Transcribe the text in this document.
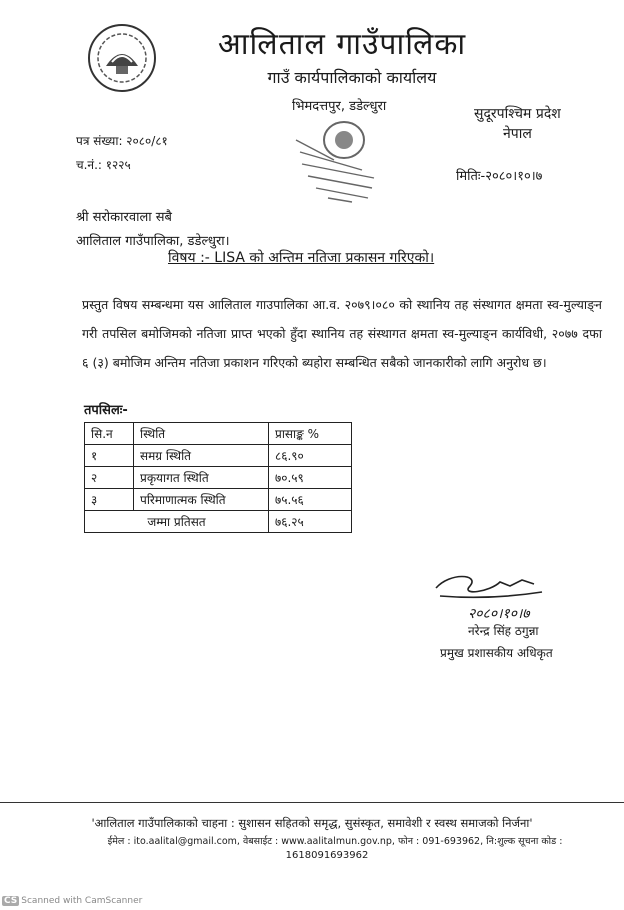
आलिताल गाउँपालिका
गाउँ कार्यपालिकाको कार्यालय
भिमदत्तपुर, डडेल्धुरा	सुदूरपश्चिम प्रदेश
नेपाल
पत्र संख्या: २०८०/८१
च.नं.: १२२५
मितिः-२०८०।१०।७
श्री सरोकारवाला सबै
आलिताल गाउँपालिका, डडेल्धुरा।
विषय :- LISA को अन्तिम नतिजा प्रकासन गरिएको।
प्रस्तुत विषय सम्बन्धमा यस आलिताल गाउपालिका आ.व. २०७९।०८० को स्थानिय तह संस्थागत क्षमता स्व-मुल्याङ्न गरी तपसिल बमोजिमको नतिजा प्राप्त भएको हुँदा स्थानिय तह संस्थागत क्षमता स्व-मुल्याङ्न कार्यविधी, २०७७ दफा ६ (३) बमोजिम अन्तिम नतिजा प्रकाशन गरिएको ब्यहोरा सम्बन्धित सबैको जानकारीको लागि अनुरोध छ।
तपसिलः-
सि.न	स्थिति	प्रासाङ्क %
१	समग्र स्थिति	८६.९०
२	प्रकृयागत स्थिति	७०.५९
३	परिमाणात्मक स्थिति	७५.५६
जम्मा प्रतिसत		७६.२५
२०८०।१०।७
नरेन्द्र सिंह ठगुन्ना
प्रमुख प्रशासकीय अधिकृत
'आलिताल गाउँपालिकाको चाहना : सुशासन सहितको समृद्ध, सुसंस्कृत, समावेशी र स्वस्थ समाजको निर्जना'
ईमेल : ito.aalital@gmail.com, वेबसाईट : www.aalitalmun.gov.np, फोन : 091-693962, नि:शुल्क सूचना कोड :
1618091693962
CS Scanned with CamScanner
